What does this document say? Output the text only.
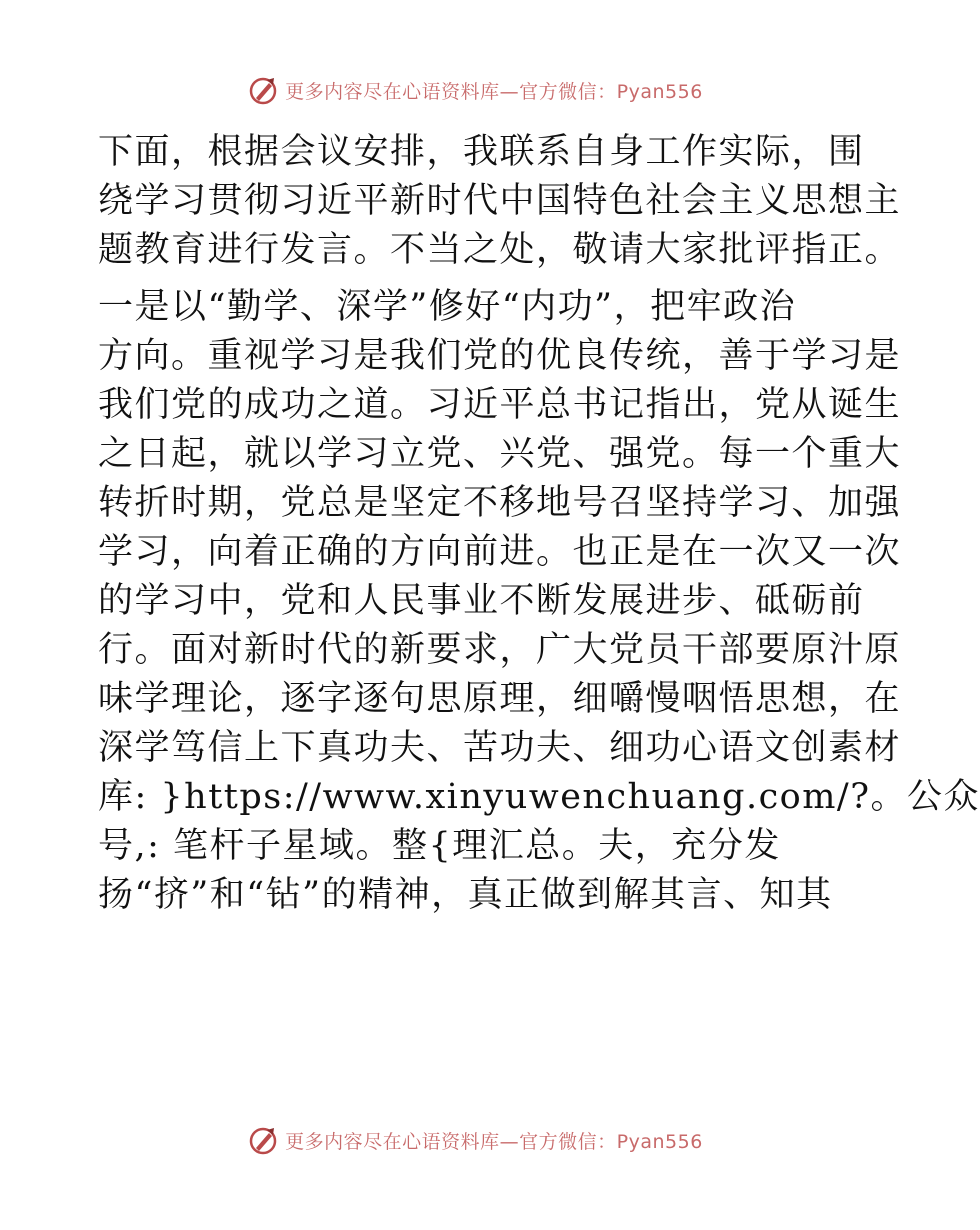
更多内容尽在心语资料库—官方微信：Pyan556
下面，根据会议安排，我联系自身工作实际，围
绕学习贯彻习近平新时代中国特色社会主义思想主
题教育进行发言。不当之处，敬请大家批评指正。
一是以“勤学、深学”修好“内功”，把牢政治
方向。重视学习是我们党的优良传统，善于学习是
我们党的成功之道。习近平总书记指出，党从诞生
之日起，就以学习立党、兴党、强党。每一个重大
转折时期，党总是坚定不移地号召坚持学习、加强
学习，向着正确的方向前进。也正是在一次又一次
的学习中，党和人民事业不断发展进步、砥砺前
行。面对新时代的新要求，广大党员干部要原汁原
味学理论，逐字逐句思原理，细嚼慢咽悟思想，在
深学笃信上下真功夫、苦功夫、细功心语文创素材
库: }https://www.xinyuwenchuang.com/?。公众
号,: 笔杆子星域。整{理汇总。夫，充分发
扬“挤”和“钻”的精神，真正做到解其言、知其
更多内容尽在心语资料库—官方微信：Pyan556
